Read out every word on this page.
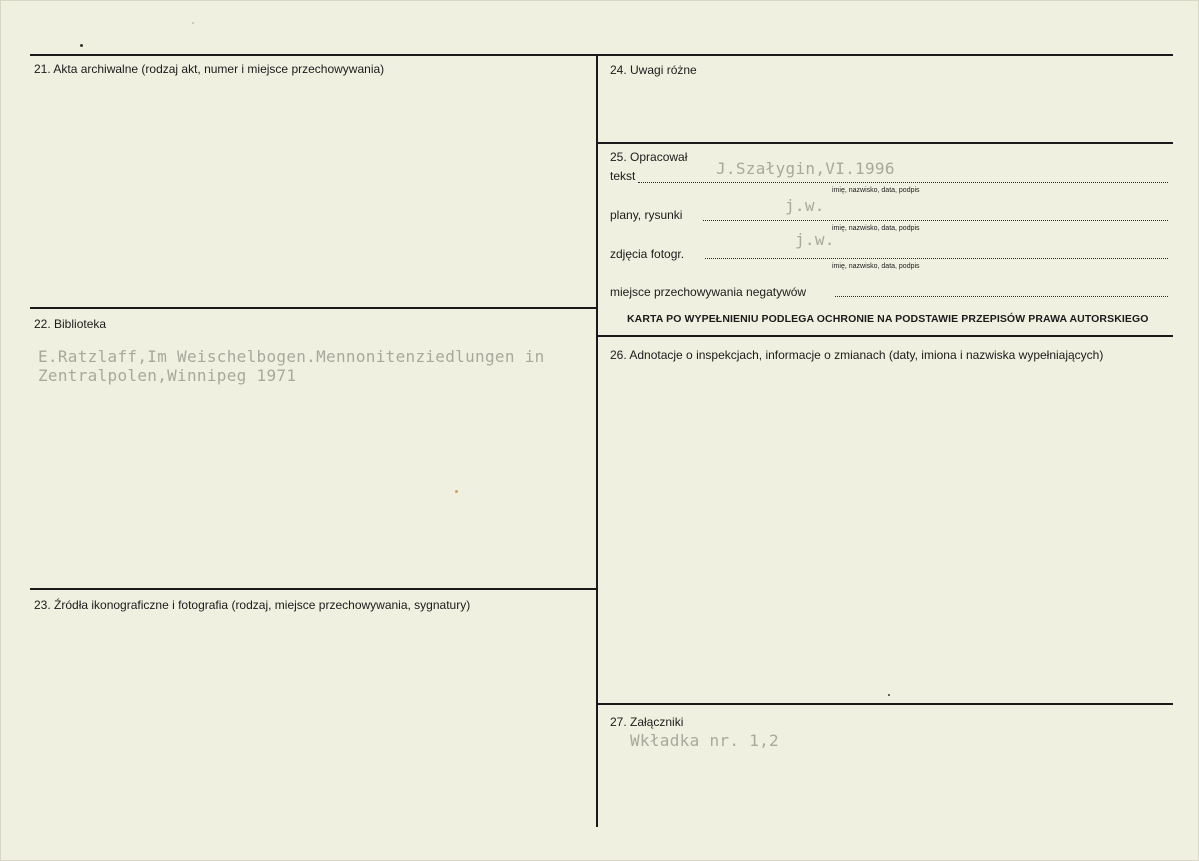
21. Akta archiwalne (rodzaj akt, numer i miejsce przechowywania)
22. Biblioteka
23. Źródła ikonograficzne i fotografia (rodzaj, miejsce przechowywania, sygnatury)
24. Uwagi różne
25. Opracował
26. Adnotacje o inspekcjach, informacje o zmianach (daty, imiona i nazwiska wypełniających)
27. Załączniki
tekst	J.Szałygin,VI.1996
imię, nazwisko, data, podpis
plany, rysunki	j.w.
imię, nazwisko, data, podpis
zdjęcia fotogr.
j.w.
imię, nazwisko, data, podpis
miejsce przechowywania negatywów
KARTA PO WYPEŁNIENIU PODLEGA OCHRONIE NA PODSTAWIE PRZEPISÓW PRAWA AUTORSKIEGO
E.Ratzlaff,Im Weischelbogen.Mennonitenziedlungen in
Zentralpolen,Winnipeg 1971
Wkładka nr. 1,2
